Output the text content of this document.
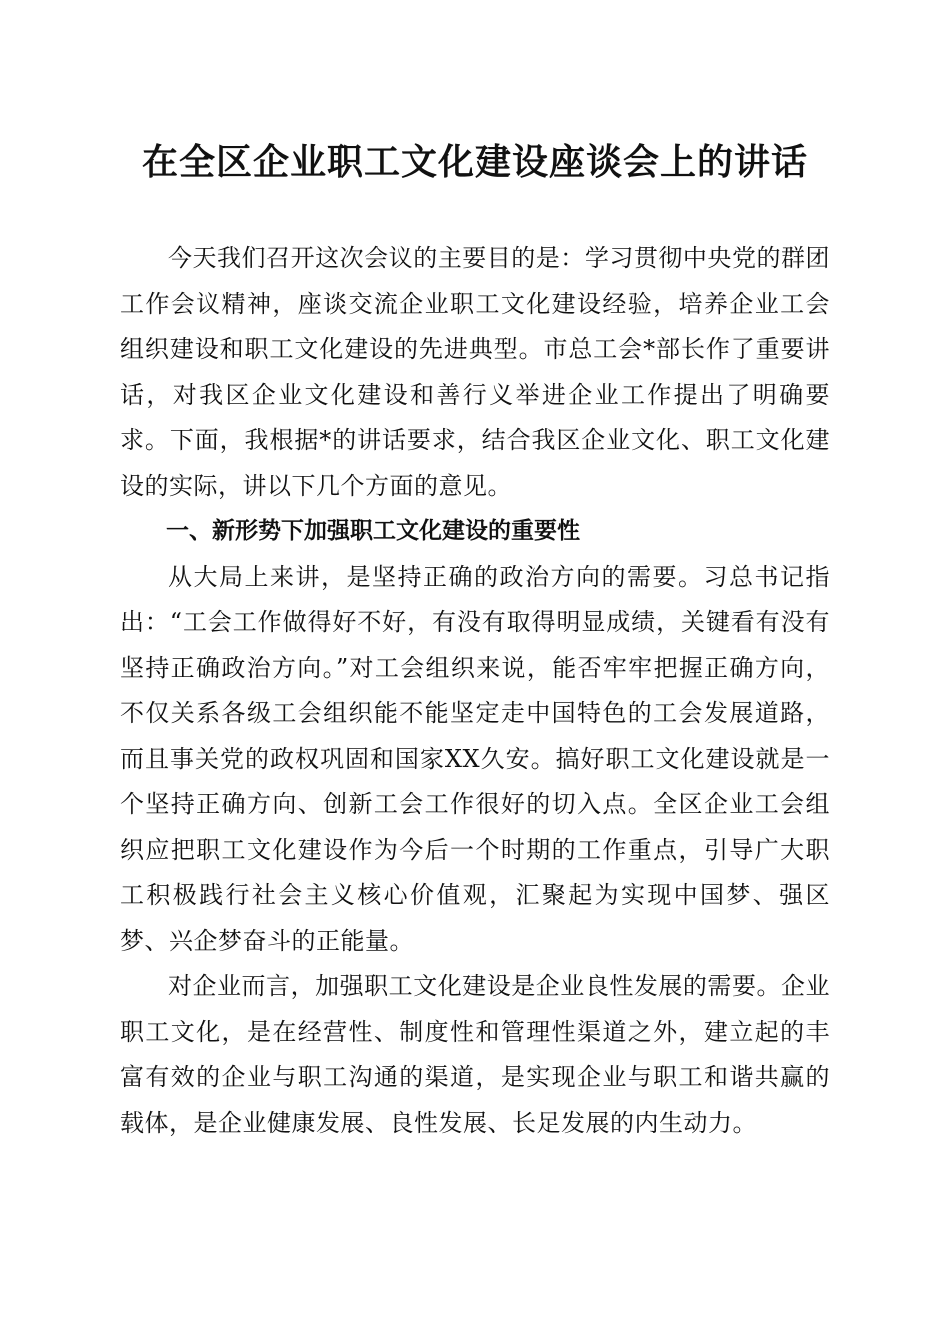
在全区企业职工文化建设座谈会上的讲话

今天我们召开这次会议的主要目的是：学习贯彻中央党的群团工作会议精神，座谈交流企业职工文化建设经验，培养企业工会组织建设和职工文化建设的先进典型。市总工会*部长作了重要讲话，对我区企业文化建设和善行义举进企业工作提出了明确要求。下面，我根据*的讲话要求，结合我区企业文化、职工文化建设的实际，讲以下几个方面的意见。

一、新形势下加强职工文化建设的重要性

从大局上来讲，是坚持正确的政治方向的需要。习总书记指出：“工会工作做得好不好，有没有取得明显成绩，关键看有没有坚持正确政治方向。”对工会组织来说，能否牢牢把握正确方向，不仅关系各级工会组织能不能坚定走中国特色的工会发展道路，而且事关党的政权巩固和国家XX久安。搞好职工文化建设就是一个坚持正确方向、创新工会工作很好的切入点。全区企业工会组织应把职工文化建设作为今后一个时期的工作重点，引导广大职工积极践行社会主义核心价值观，汇聚起为实现中国梦、强区梦、兴企梦奋斗的正能量。

对企业而言，加强职工文化建设是企业良性发展的需要。企业职工文化，是在经营性、制度性和管理性渠道之外，建立起的丰富有效的企业与职工沟通的渠道，是实现企业与职工和谐共赢的载体，是企业健康发展、良性发展、长足发展的内生动力。
